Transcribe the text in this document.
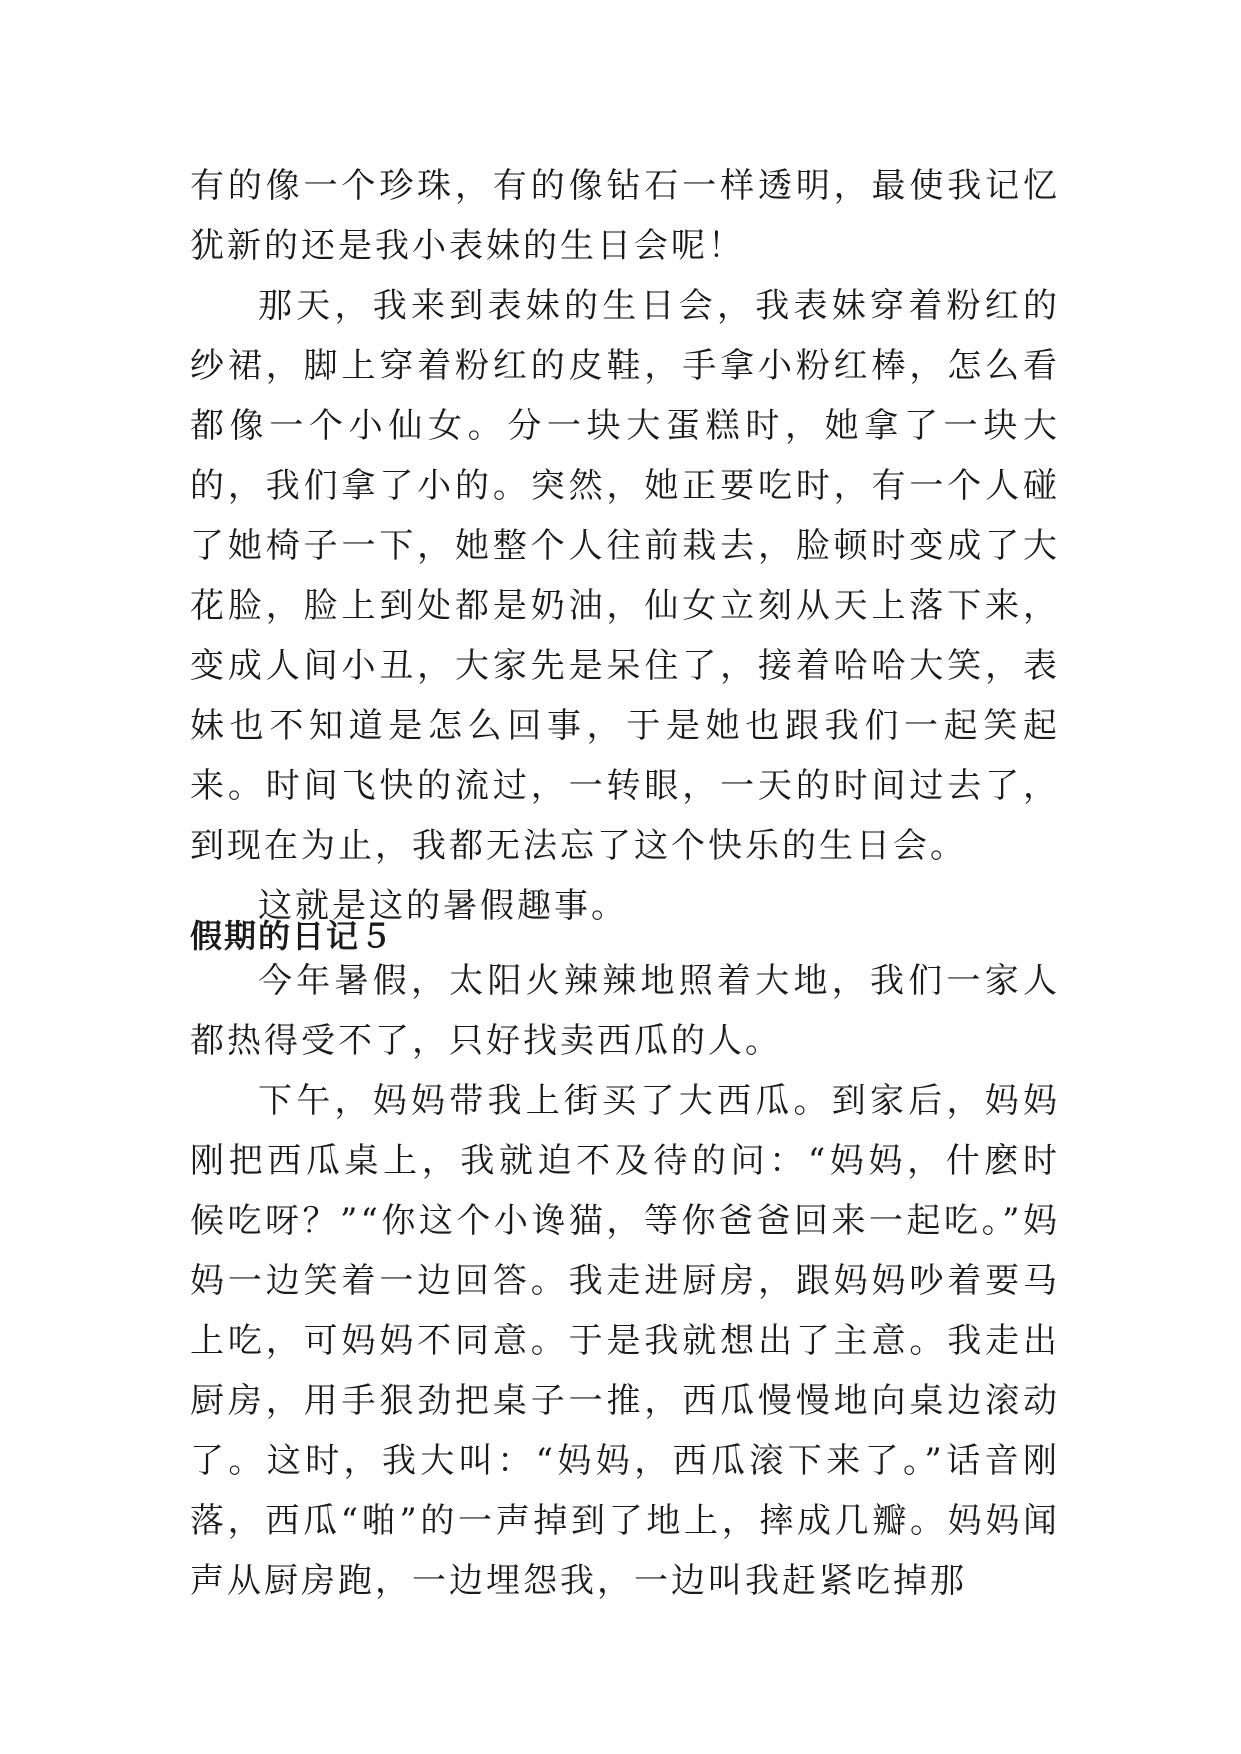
有的像一个珍珠，有的像钻石一样透明，最使我记忆犹新的还是我小表妹的生日会呢！

那天，我来到表妹的生日会，我表妹穿着粉红的纱裙，脚上穿着粉红的皮鞋，手拿小粉红棒，怎么看都像一个小仙女。分一块大蛋糕时，她拿了一块大的，我们拿了小的。突然，她正要吃时，有一个人碰了她椅子一下，她整个人往前栽去，脸顿时变成了大花脸，脸上到处都是奶油，仙女立刻从天上落下来，变成人间小丑，大家先是呆住了，接着哈哈大笑，表妹也不知道是怎么回事，于是她也跟我们一起笑起来。时间飞快的流过，一转眼，一天的时间过去了，到现在为止，我都无法忘了这个快乐的生日会。

这就是这的暑假趣事。

假期的日记５

今年暑假，太阳火辣辣地照着大地，我们一家人都热得受不了，只好找卖西瓜的人。

下午，妈妈带我上街买了大西瓜。到家后，妈妈刚把西瓜桌上，我就迫不及待的问：“妈妈，什麽时候吃呀？”“你这个小谗猫，等你爸爸回来一起吃。”妈妈一边笑着一边回答。我走进厨房，跟妈妈吵着要马上吃，可妈妈不同意。于是我就想出了主意。我走出厨房，用手狠劲把桌子一推，西瓜慢慢地向桌边滚动了。这时，我大叫：“妈妈，西瓜滚下来了。”话音刚落，西瓜“啪”的一声掉到了地上，摔成几瓣。妈妈闻声从厨房跑，一边埋怨我，一边叫我赶紧吃掉那
